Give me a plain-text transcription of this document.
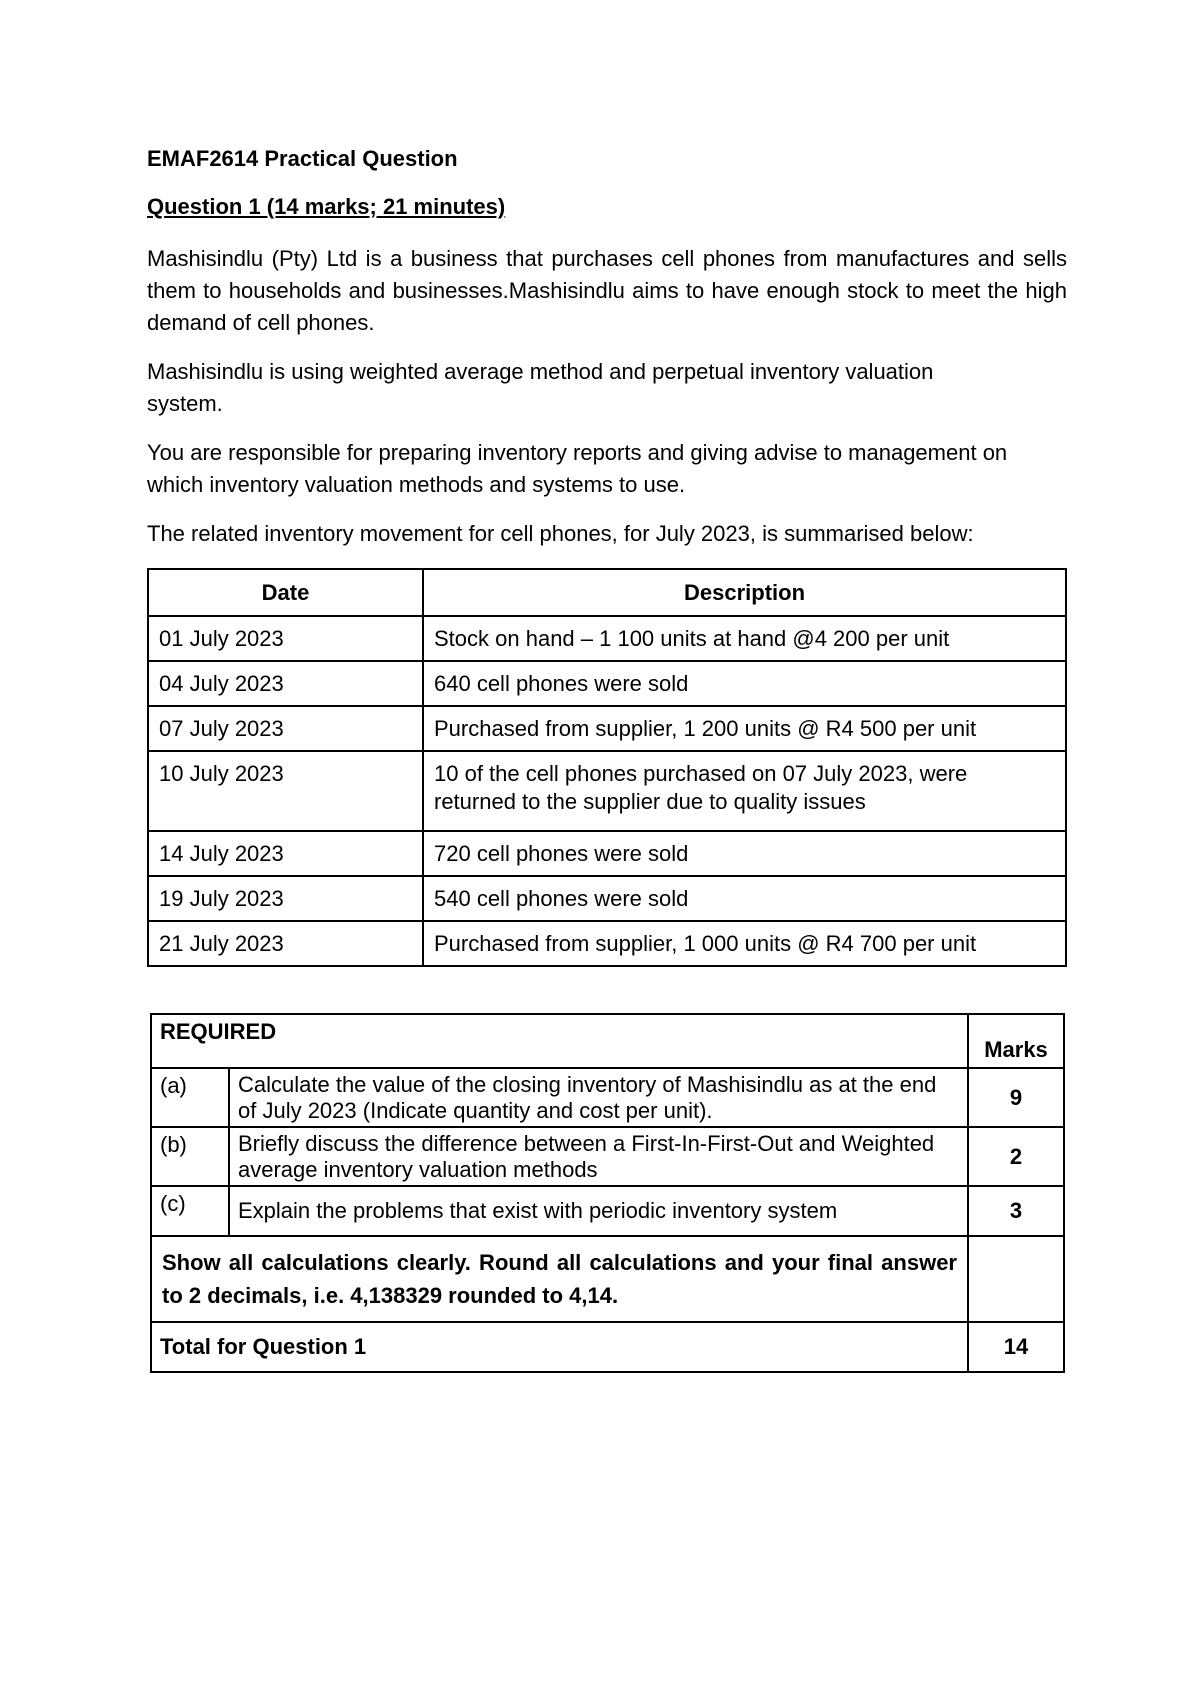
EMAF2614 Practical Question
Question 1 (14 marks; 21 minutes)

Mashisindlu (Pty) Ltd is a business that purchases cell phones from manufactures and sells them to households and businesses.Mashisindlu aims to have enough stock to meet the high demand of cell phones.

Mashisindlu is using weighted average method and perpetual inventory valuation system.

You are responsible for preparing inventory reports and giving advise to management on which inventory valuation methods and systems to use.

The related inventory movement for cell phones, for July 2023, is summarised below:

Date	Description
01 July 2023	Stock on hand – 1 100 units at hand @4 200 per unit
04 July 2023	640 cell phones were sold
07 July 2023	Purchased from supplier, 1 200 units @ R4 500 per unit
10 July 2023	10 of the cell phones purchased on 07 July 2023, were returned to the supplier due to quality issues
14 July 2023	720 cell phones were sold
19 July 2023	540 cell phones were sold
21 July 2023	Purchased from supplier, 1 000 units @ R4 700 per unit
REQUIRED		Marks
(a)	Calculate the value of the closing inventory of Mashisindlu as at the end of July 2023 (Indicate quantity and cost per unit).	9
(b)	Briefly discuss the difference between a First-In-First-Out and Weighted average inventory valuation methods	2
(c)	Explain the problems that exist with periodic inventory system	3
Show all calculations clearly. Round all calculations and your final answer to 2 decimals, i.e. 4,138329 rounded to 4,14.		
Total for Question 1		14
